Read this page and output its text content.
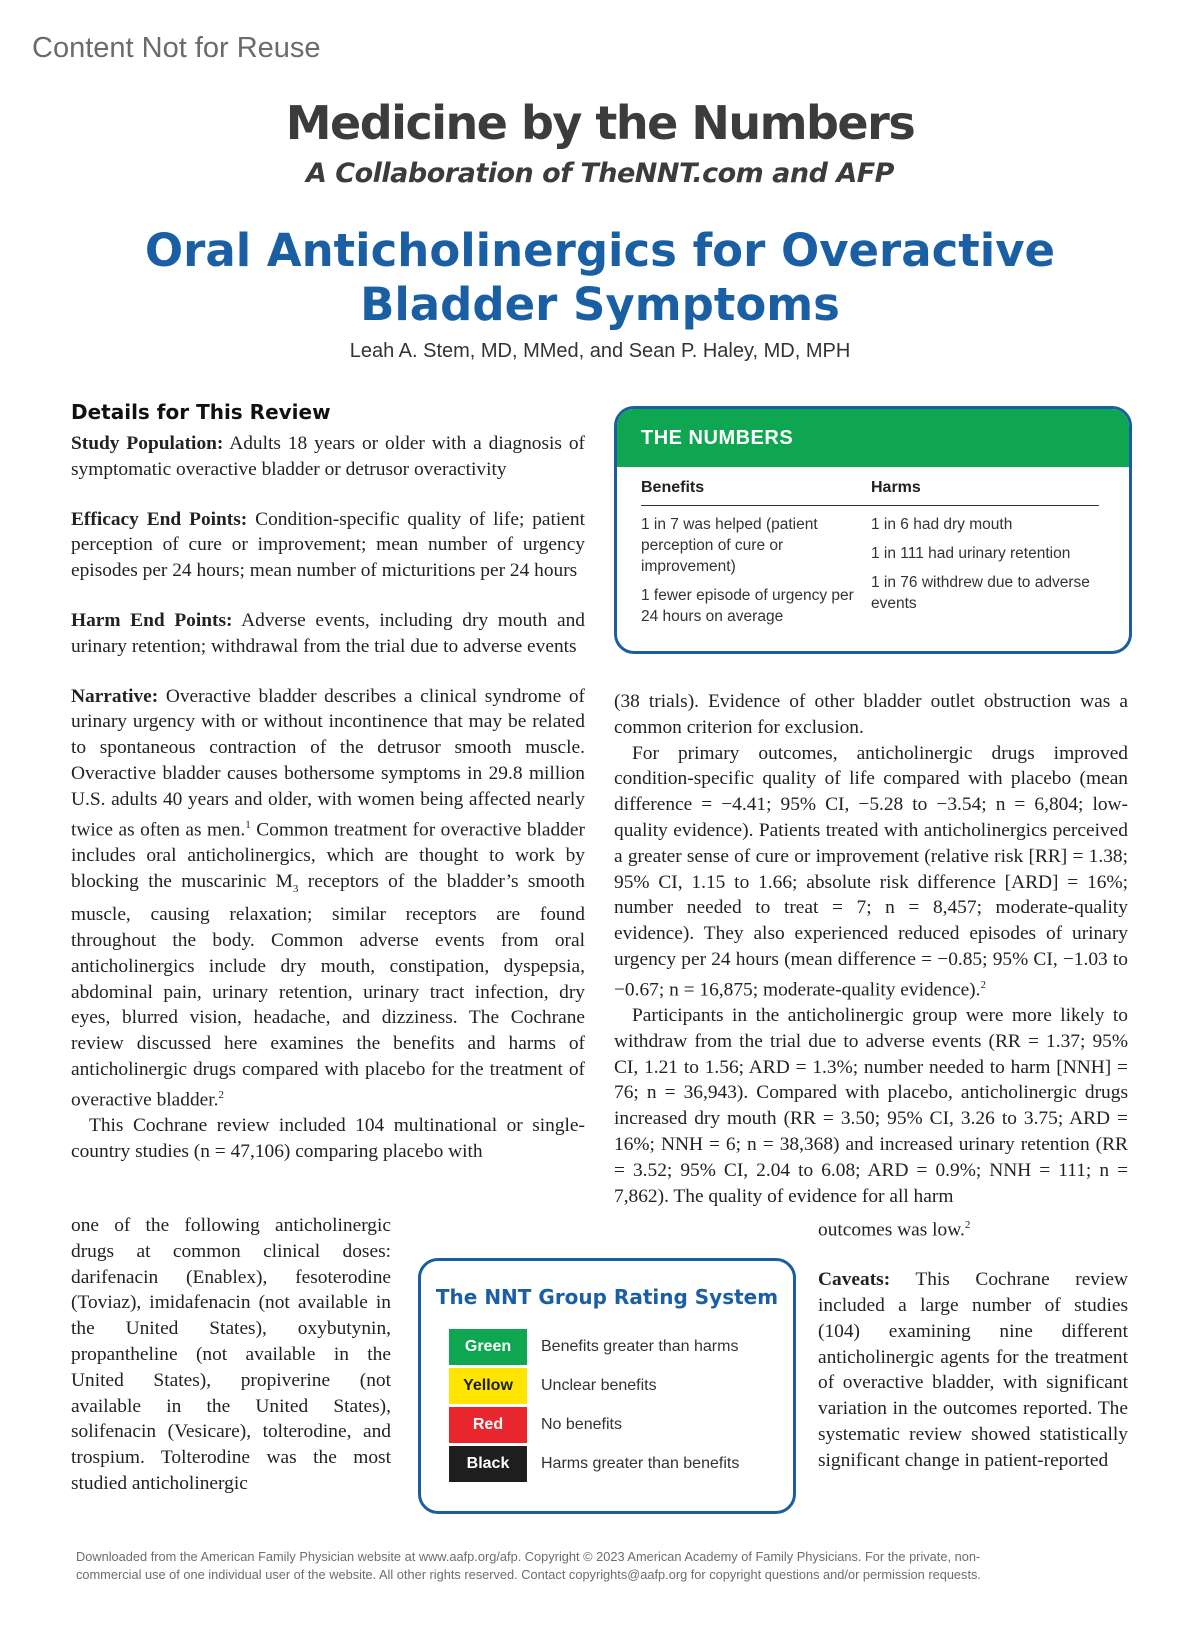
Content Not for Reuse
Medicine by the Numbers
A Collaboration of TheNNT.com and AFP
Oral Anticholinergics for Overactive
Bladder Symptoms
Leah A. Stem, MD, MMed, and Sean P. Haley, MD, MPH
Details for This Review

Study Population: Adults 18 years or older with a diagnosis of symptomatic overactive bladder or detrusor overactivity

Efficacy End Points: Condition-specific quality of life; patient perception of cure or improvement; mean number of urgency episodes per 24 hours; mean number of micturitions per 24 hours

Harm End Points: Adverse events, including dry mouth and urinary retention; withdrawal from the trial due to adverse events

Narrative: Overactive bladder describes a clinical syndrome of urinary urgency with or without incontinence that may be related to spontaneous contraction of the detrusor smooth muscle. Overactive bladder causes bothersome symptoms in 29.8 million U.S. adults 40 years and older, with women being affected nearly twice as often as men.$^1$ Common treatment for overactive bladder includes oral anticholinergics, which are thought to work by blocking the muscarinic $M_3$ receptors of the bladder’s smooth muscle, causing relaxation; similar receptors are found throughout the body. Common adverse events from oral anticholinergics include dry mouth, constipation, dyspepsia, abdominal pain, urinary retention, urinary tract infection, dry eyes, blurred vision, headache, and dizziness. The Cochrane review discussed here examines the benefits and harms of anticholinergic drugs compared with placebo for the treatment of overactive bladder.$^2$

This Cochrane review included 104 multinational or single-country studies (n = 47,106) comparing placebo with

one of the following anticholinergic drugs at common clinical doses: darifenacin (Enablex), fesoterodine (Toviaz), imidafenacin (not available in the United States), oxybutynin, propantheline (not available in the United States), propiverine (not available in the United States), solifenacin (Vesicare), tolterodine, and trospium. Tolterodine was the most studied anticholinergic

THE NUMBERS
Benefits
1 in 7 was helped (patient perception of cure or improvement)
1 fewer episode of urgency per 24 hours on average
Harms
1 in 6 had dry mouth
1 in 111 had urinary retention
1 in 76 withdrew due to adverse events

(38 trials). Evidence of other bladder outlet obstruction was a common criterion for exclusion.

For primary outcomes, anticholinergic drugs improved condition-specific quality of life compared with placebo (mean difference = −4.41; 95% CI, −5.28 to −3.54; n = 6,804; low-quality evidence). Patients treated with anticholinergics perceived a greater sense of cure or improvement (relative risk [RR] = 1.38; 95% CI, 1.15 to 1.66; absolute risk difference [ARD] = 16%; number needed to treat = 7; n = 8,457; moderate-quality evidence). They also experienced reduced episodes of urinary urgency per 24 hours (mean difference = −0.85; 95% CI, −1.03 to −0.67; n = 16,875; moderate-quality evidence).$^2$

Participants in the anticholinergic group were more likely to withdraw from the trial due to adverse events (RR = 1.37; 95% CI, 1.21 to 1.56; ARD = 1.3%; number needed to harm [NNH] = 76; n = 36,943). Compared with placebo, anticholinergic drugs increased dry mouth (RR = 3.50; 95% CI, 3.26 to 3.75; ARD = 16%; NNH = 6; n = 38,368) and increased urinary retention (RR = 3.52; 95% CI, 2.04 to 6.08; ARD = 0.9%; NNH = 111; n = 7,862). The quality of evidence for all harm

outcomes was low.$^2$

Caveats: This Cochrane review included a large number of studies (104) examining nine different anticholinergic agents for the treatment of overactive bladder, with significant variation in the outcomes reported. The systematic review showed statistically significant change in patient-reported

The NNT Group Rating System
Green	Benefits greater than harms
Yellow	Unclear benefits
Red	No benefits
Black	Harms greater than benefits
Downloaded from the American Family Physician website at www.aafp.org/afp. Copyright © 2023 American Academy of Family Physicians. For the private, non-
commercial use of one individual user of the website. All other rights reserved. Contact copyrights@aafp.org for copyright questions and/or permission requests.
